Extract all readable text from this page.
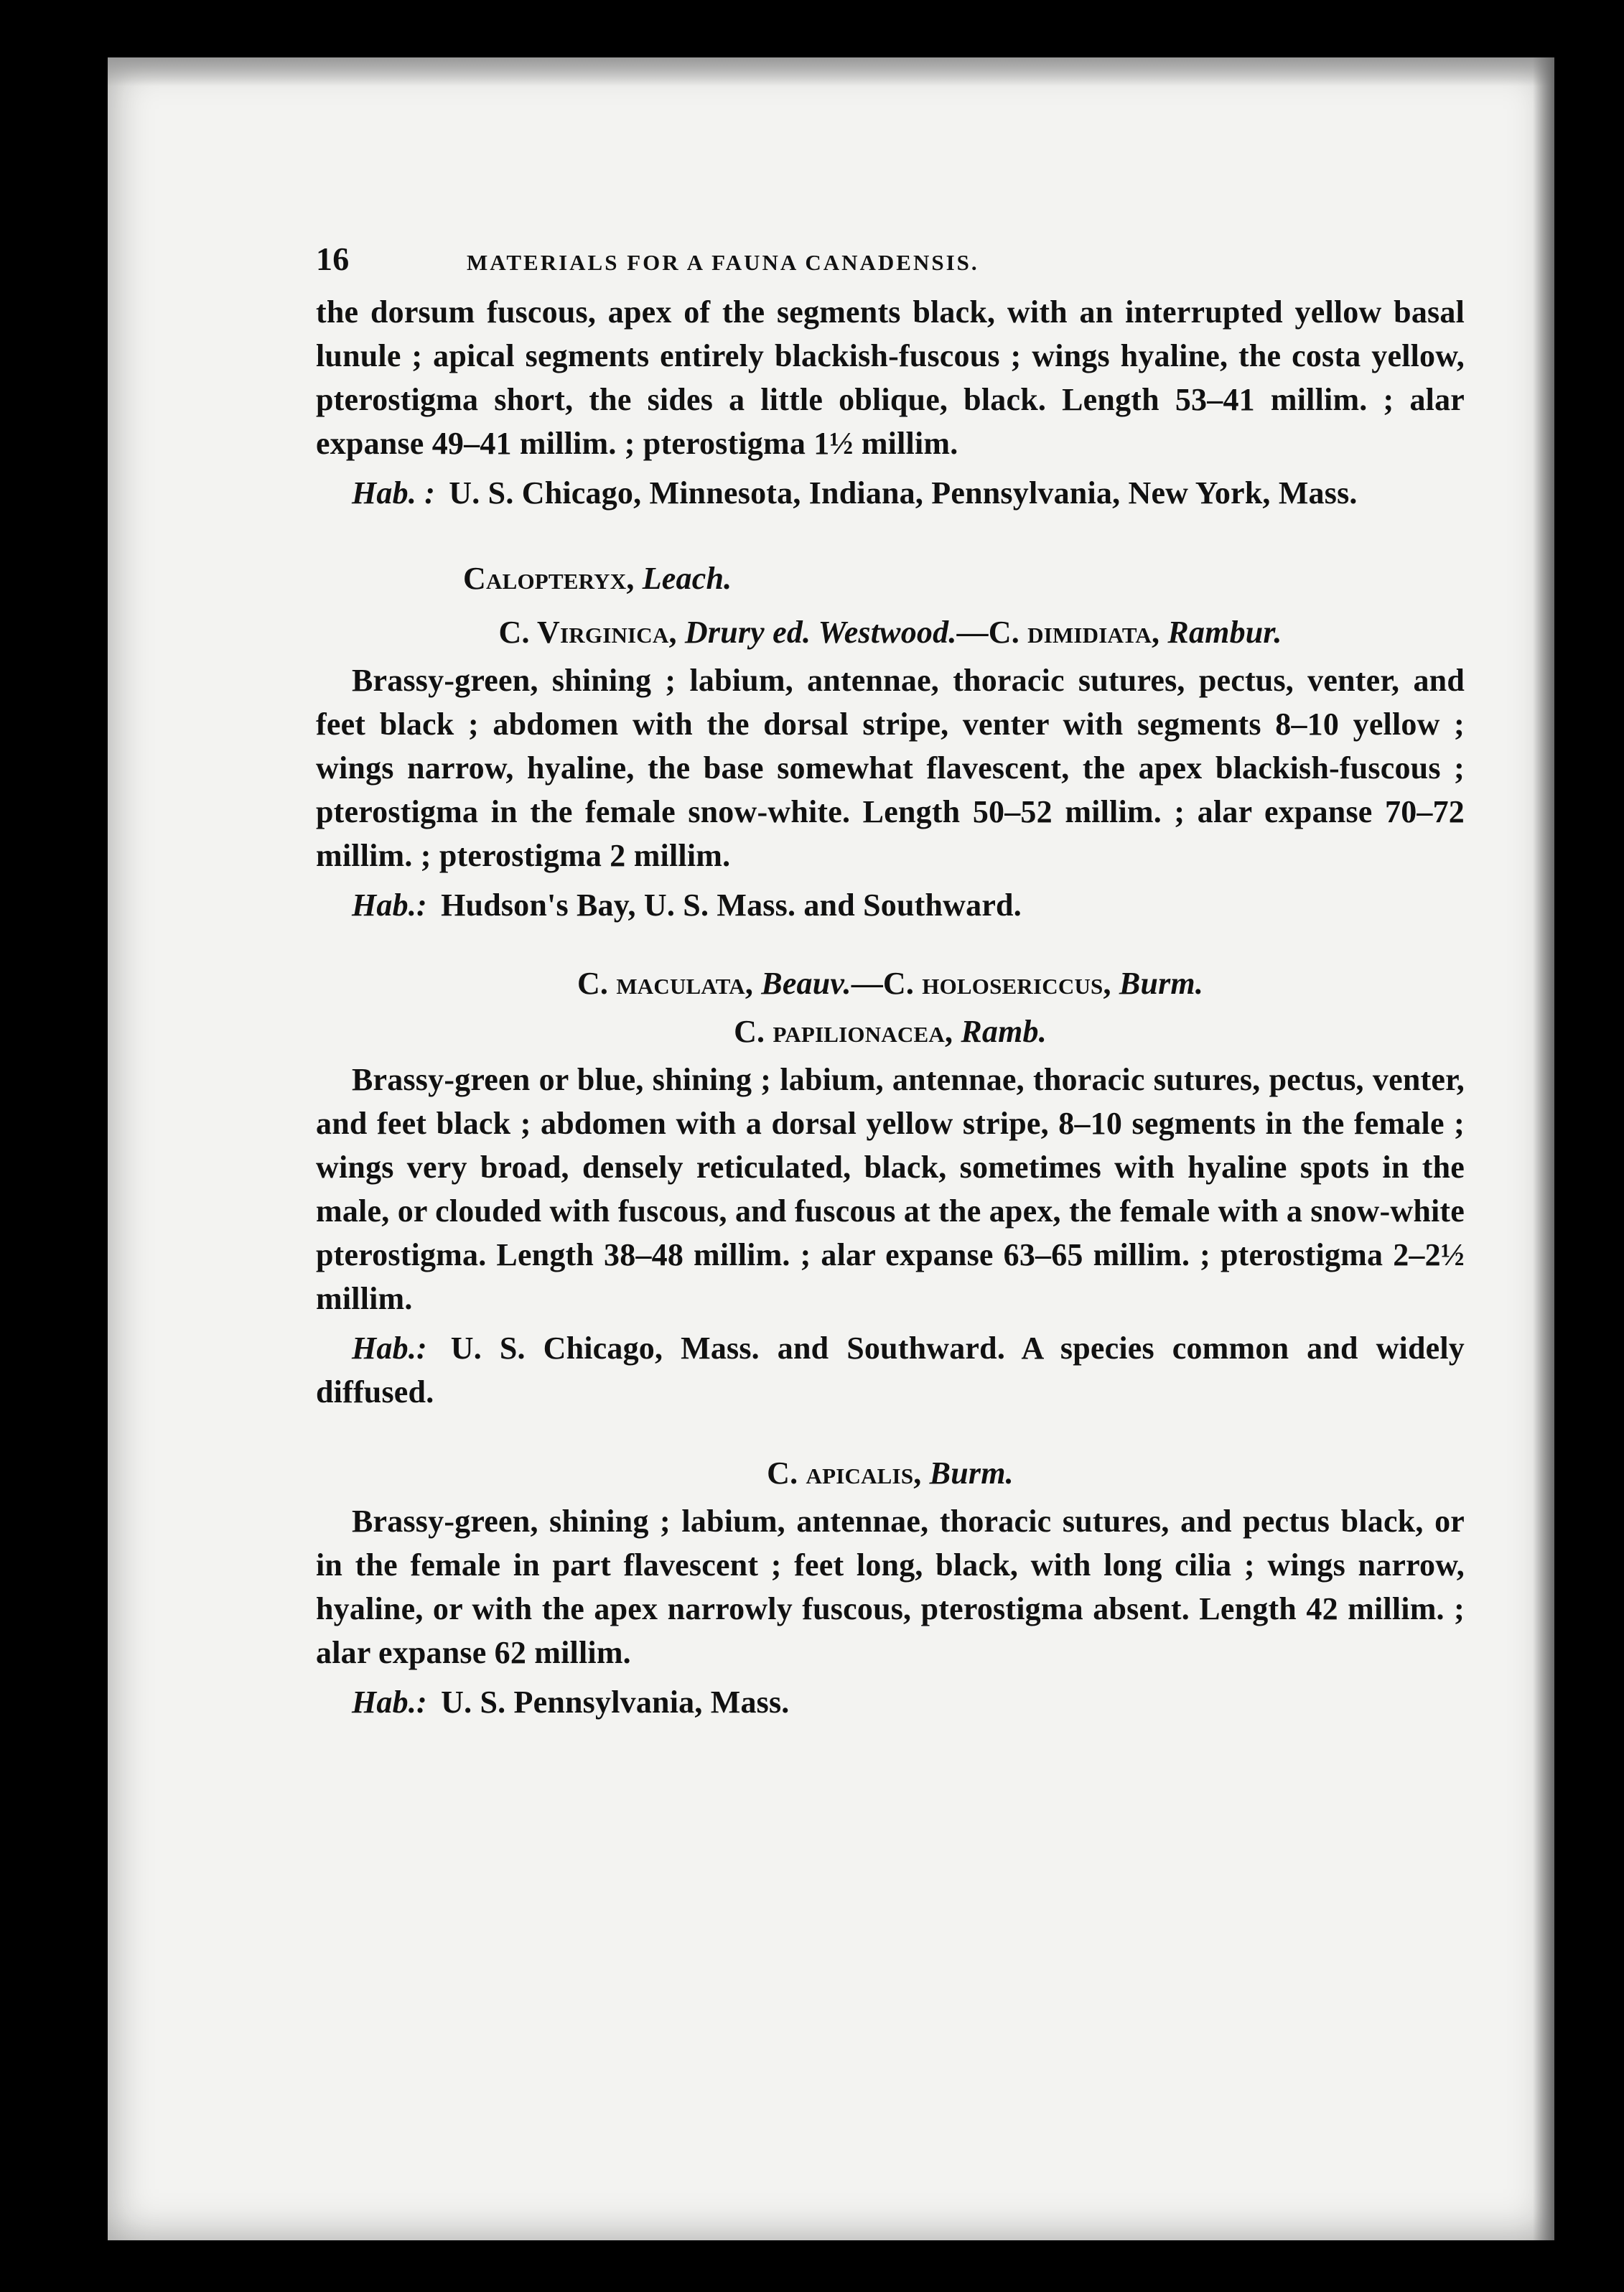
16	MATERIALS FOR A FAUNA CANADENSIS.

the dorsum fuscous, apex of the segments black, with an interrupted yellow basal lunule ; apical segments entirely blackish-fuscous ; wings hyaline, the costa yellow, pterostigma short, the sides a little oblique, black. Length 53–41 millim. ; alar expanse 49–41 millim. ; pterostigma 1½ millim.

Hab. : U. S. Chicago, Minnesota, Indiana, Pennsylvania, New York, Mass.

Calopteryx, Leach.

C. Virginica, Drury ed. Westwood.—C. dimidiata, Rambur.

Brassy-green, shining ; labium, antennae, thoracic sutures, pectus, venter, and feet black ; abdomen with the dorsal stripe, venter with segments 8–10 yellow ; wings narrow, hyaline, the base somewhat flavescent, the apex blackish-fuscous ; pterostigma in the female snow-white. Length 50–52 millim. ; alar expanse 70–72 millim. ; pterostigma 2 millim.

Hab.: Hudson's Bay, U. S. Mass. and Southward.

C. maculata, Beauv.—C. holosericcus, Burm.

C. papilionacea, Ramb.

Brassy-green or blue, shining ; labium, antennae, thoracic sutures, pectus, venter, and feet black ; abdomen with a dorsal yellow stripe, 8–10 segments in the female ; wings very broad, densely reticulated, black, sometimes with hyaline spots in the male, or clouded with fuscous, and fuscous at the apex, the female with a snow-white pterostigma. Length 38–48 millim. ; alar expanse 63–65 millim. ; pterostigma 2–2½ millim.

Hab.: U. S. Chicago, Mass. and Southward. A species common and widely diffused.

C. apicalis, Burm.

Brassy-green, shining ; labium, antennae, thoracic sutures, and pectus black, or in the female in part flavescent ; feet long, black, with long cilia ; wings narrow, hyaline, or with the apex narrowly fuscous, pterostigma absent. Length 42 millim. ; alar expanse 62 millim.

Hab.: U. S. Pennsylvania, Mass.
